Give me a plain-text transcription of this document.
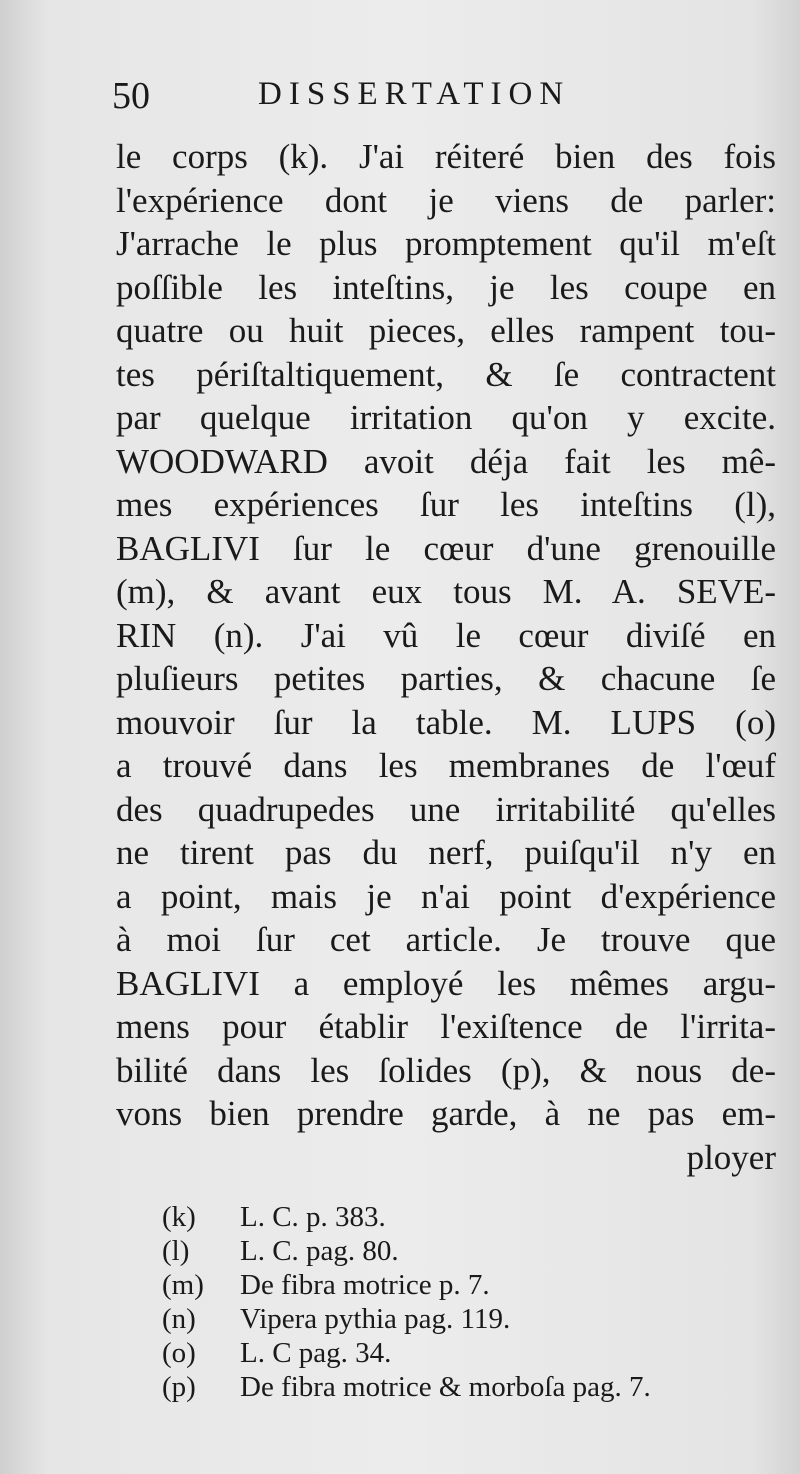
50	DISSERTATION
le corps (k). J'ai réiteré bien des fois
l'expérience dont je viens de parler:
J'arrache le plus promptement qu'il m'eſt
poſſible les inteſtins, je les coupe en
quatre ou huit pieces, elles rampent tou-
tes périſtaltiquement, & ſe contractent
par quelque irritation qu'on y excite.
WOODWARD avoit déja fait les mê-
mes expériences ſur les inteſtins (l),
BAGLIVI ſur le cœur d'une grenouille
(m), & avant eux tous M. A. SEVE-
RIN (n). J'ai vû le cœur diviſé en
pluſieurs petites parties, & chacune ſe
mouvoir ſur la table. M. LUPS (o)
a trouvé dans les membranes de l'œuf
des quadrupedes une irritabilité qu'elles
ne tirent pas du nerf, puiſqu'il n'y en
a point, mais je n'ai point d'expérience
à moi ſur cet article. Je trouve que
BAGLIVI a employé les mêmes argu-
mens pour établir l'exiſtence de l'irrita-
bilité dans les ſolides (p), & nous de-
vons bien prendre garde, à ne pas em-
ployer
(k) L. C. p. 383.
(l) L. C. pag. 80.
(m) De fibra motrice p. 7.
(n) Vipera pythia pag. 119.
(o) L. C pag. 34.
(p) De fibra motrice & morboſa pag. 7.
